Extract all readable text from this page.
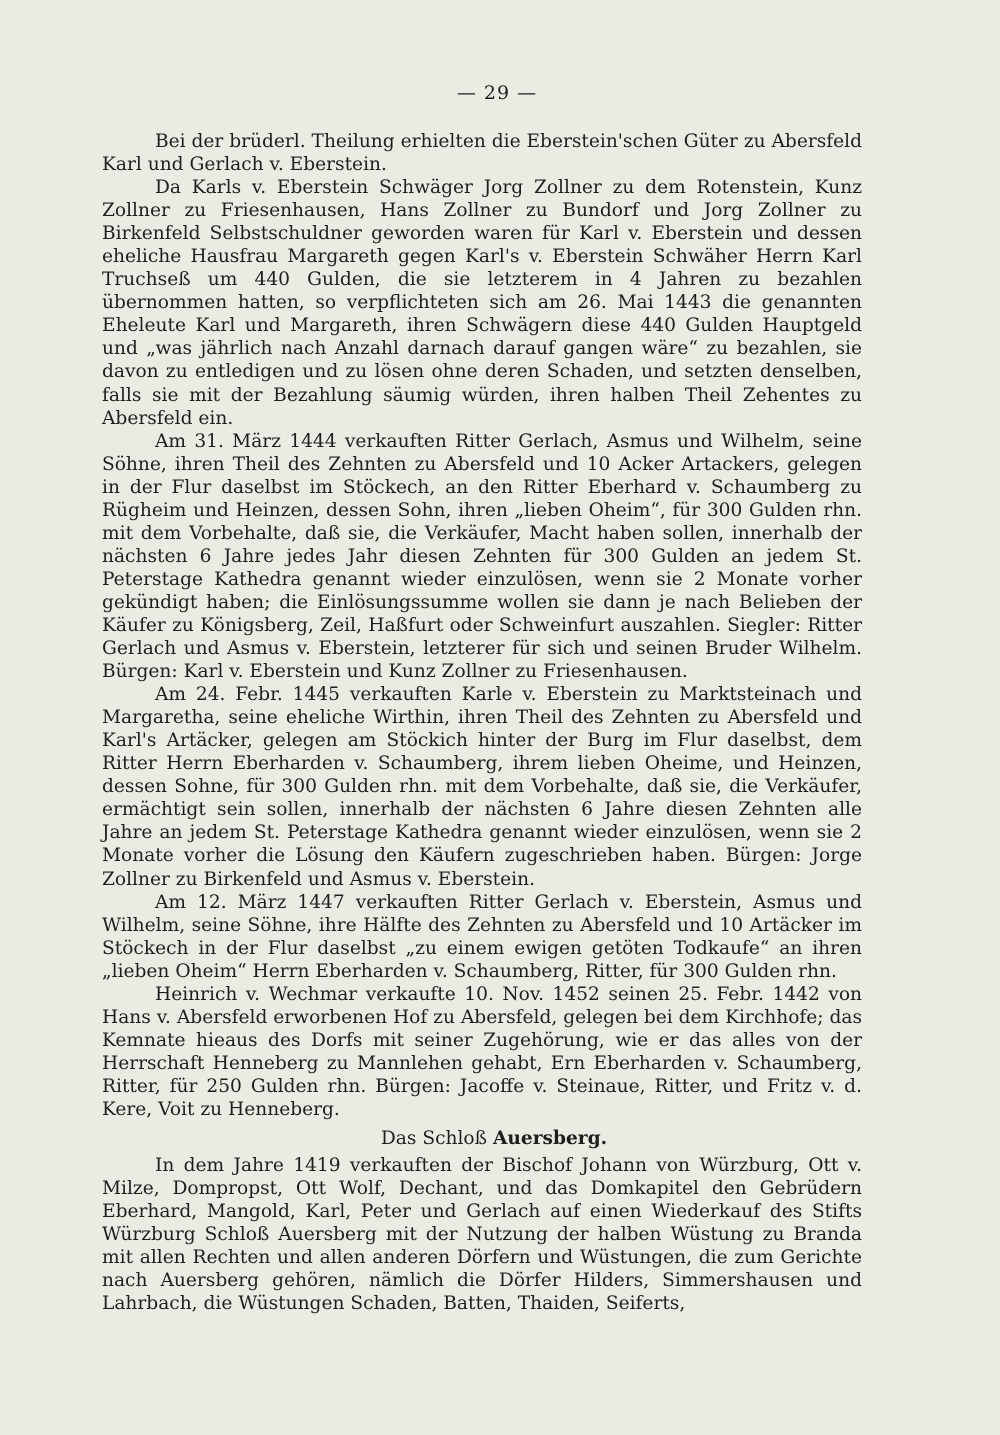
— 29 —

Bei der brüderl. Theilung erhielten die Eberstein'schen Güter zu Abersfeld Karl und Gerlach v. Eberstein.

Da Karls v. Eberstein Schwäger Jorg Zollner zu dem Rotenstein, Kunz Zollner zu Friesenhausen, Hans Zollner zu Bundorf und Jorg Zollner zu Birkenfeld Selbstschuldner geworden waren für Karl v. Eberstein und dessen eheliche Hausfrau Margareth gegen Karl's v. Eberstein Schwäher Herrn Karl Truchseß um 440 Gulden, die sie letzterem in 4 Jahren zu bezahlen übernommen hatten, so verpflichteten sich am 26. Mai 1443 die genannten Eheleute Karl und Margareth, ihren Schwägern diese 440 Gulden Hauptgeld und „was jährlich nach Anzahl darnach darauf gangen wäre“ zu bezahlen, sie davon zu entledigen und zu lösen ohne deren Schaden, und setzten denselben, falls sie mit der Bezahlung säumig würden, ihren halben Theil Zehentes zu Abersfeld ein.

Am 31. März 1444 verkauften Ritter Gerlach, Asmus und Wilhelm, seine Söhne, ihren Theil des Zehnten zu Abersfeld und 10 Acker Artackers, gelegen in der Flur daselbst im Stöckech, an den Ritter Eberhard v. Schaumberg zu Rügheim und Heinzen, dessen Sohn, ihren „lieben Oheim“, für 300 Gulden rhn. mit dem Vorbehalte, daß sie, die Verkäufer, Macht haben sollen, innerhalb der nächsten 6 Jahre jedes Jahr diesen Zehnten für 300 Gulden an jedem St. Peterstage Kathedra genannt wieder einzulösen, wenn sie 2 Monate vorher gekündigt haben; die Einlösungssumme wollen sie dann je nach Belieben der Käufer zu Königsberg, Zeil, Haßfurt oder Schweinfurt auszahlen. Siegler: Ritter Gerlach und Asmus v. Eberstein, letzterer für sich und seinen Bruder Wilhelm. Bürgen: Karl v. Eberstein und Kunz Zollner zu Friesenhausen.

Am 24. Febr. 1445 verkauften Karle v. Eberstein zu Marktsteinach und Margaretha, seine eheliche Wirthin, ihren Theil des Zehnten zu Abersfeld und Karl's Artäcker, gelegen am Stöckich hinter der Burg im Flur daselbst, dem Ritter Herrn Eberharden v. Schaumberg, ihrem lieben Oheime, und Heinzen, dessen Sohne, für 300 Gulden rhn. mit dem Vorbehalte, daß sie, die Verkäufer, ermächtigt sein sollen, innerhalb der nächsten 6 Jahre diesen Zehnten alle Jahre an jedem St. Peterstage Kathedra genannt wieder einzulösen, wenn sie 2 Monate vorher die Lösung den Käufern zugeschrieben haben. Bürgen: Jorge Zollner zu Birkenfeld und Asmus v. Eberstein.

Am 12. März 1447 verkauften Ritter Gerlach v. Eberstein, Asmus und Wilhelm, seine Söhne, ihre Hälfte des Zehnten zu Abersfeld und 10 Artäcker im Stöckech in der Flur daselbst „zu einem ewigen getöten Todkaufe“ an ihren „lieben Oheim“ Herrn Eberharden v. Schaumberg, Ritter, für 300 Gulden rhn.

Heinrich v. Wechmar verkaufte 10. Nov. 1452 seinen 25. Febr. 1442 von Hans v. Abersfeld erworbenen Hof zu Abersfeld, gelegen bei dem Kirchhofe; das Kemnate hieaus des Dorfs mit seiner Zugehörung, wie er das alles von der Herrschaft Henneberg zu Mannlehen gehabt, Ern Eberharden v. Schaumberg, Ritter, für 250 Gulden rhn. Bürgen: Jacoffe v. Steinaue, Ritter, und Fritz v. d. Kere, Voit zu Henneberg.

Das Schloß Auersberg.

In dem Jahre 1419 verkauften der Bischof Johann von Würzburg, Ott v. Milze, Dompropst, Ott Wolf, Dechant, und das Domkapitel den Gebrüdern Eberhard, Mangold, Karl, Peter und Gerlach auf einen Wiederkauf des Stifts Würzburg Schloß Auersberg mit der Nutzung der halben Wüstung zu Branda mit allen Rechten und allen anderen Dörfern und Wüstungen, die zum Gerichte nach Auersberg gehören, nämlich die Dörfer Hilders, Simmershausen und Lahrbach, die Wüstungen Schaden, Batten, Thaiden, Seiferts,
